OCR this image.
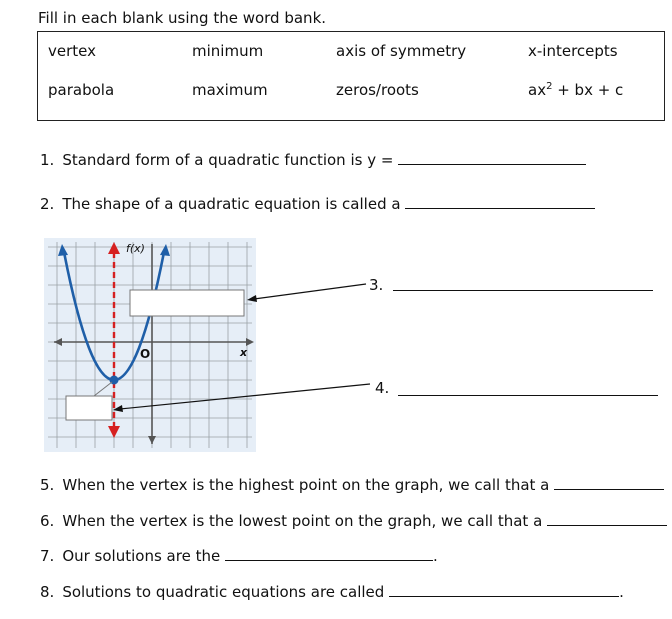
Fill in each blank using the word bank.
vertex	minimum	axis of symmetry	x-intercepts
parabola	maximum	zeros/roots	$ax^2$ + bx + c
1. Standard form of a quadratic function is y =
2. The shape of a quadratic equation is called a
f(x)
x
O
3.
4.
5. When the vertex is the highest point on the graph, we call that a
6. When the vertex is the lowest point on the graph, we call that a
7. Our solutions are the	.
8. Solutions to quadratic equations are called	.
